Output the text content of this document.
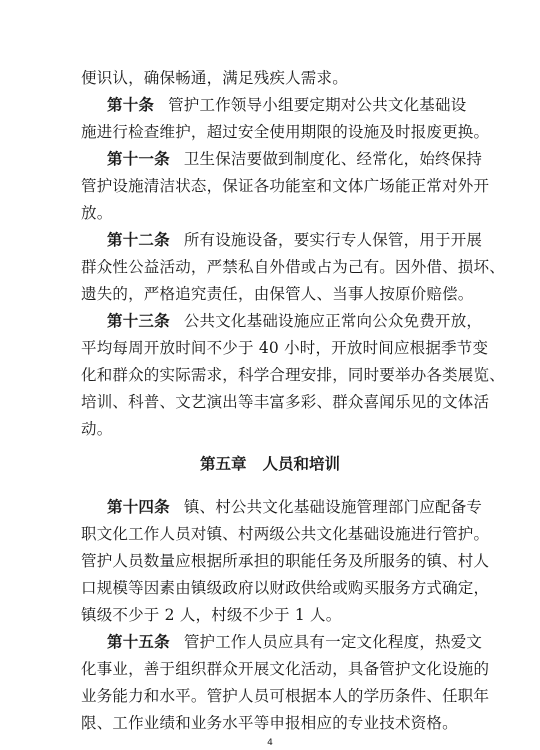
便识认，确保畅通，满足残疾人需求。
第十条 管护工作领导小组要定期对公共文化基础设
施进行检查维护，超过安全使用期限的设施及时报废更换。
第十一条 卫生保洁要做到制度化、经常化，始终保持
管护设施清洁状态，保证各功能室和文体广场能正常对外开
放。
第十二条 所有设施设备，要实行专人保管，用于开展
群众性公益活动，严禁私自外借或占为己有。因外借、损坏、
遗失的，严格追究责任，由保管人、当事人按原价赔偿。
第十三条 公共文化基础设施应正常向公众免费开放，
平均每周开放时间不少于 40 小时，开放时间应根据季节变
化和群众的实际需求，科学合理安排，同时要举办各类展览、
培训、科普、文艺演出等丰富多彩、群众喜闻乐见的文体活
动。
第五章 人员和培训
第十四条 镇、村公共文化基础设施管理部门应配备专
职文化工作人员对镇、村两级公共文化基础设施进行管护。
管护人员数量应根据所承担的职能任务及所服务的镇、村人
口规模等因素由镇级政府以财政供给或购买服务方式确定，
镇级不少于 2 人，村级不少于 1 人。
第十五条 管护工作人员应具有一定文化程度，热爱文
化事业，善于组织群众开展文化活动，具备管护文化设施的
业务能力和水平。管护人员可根据本人的学历条件、任职年
限、工作业绩和业务水平等申报相应的专业技术资格。
4
